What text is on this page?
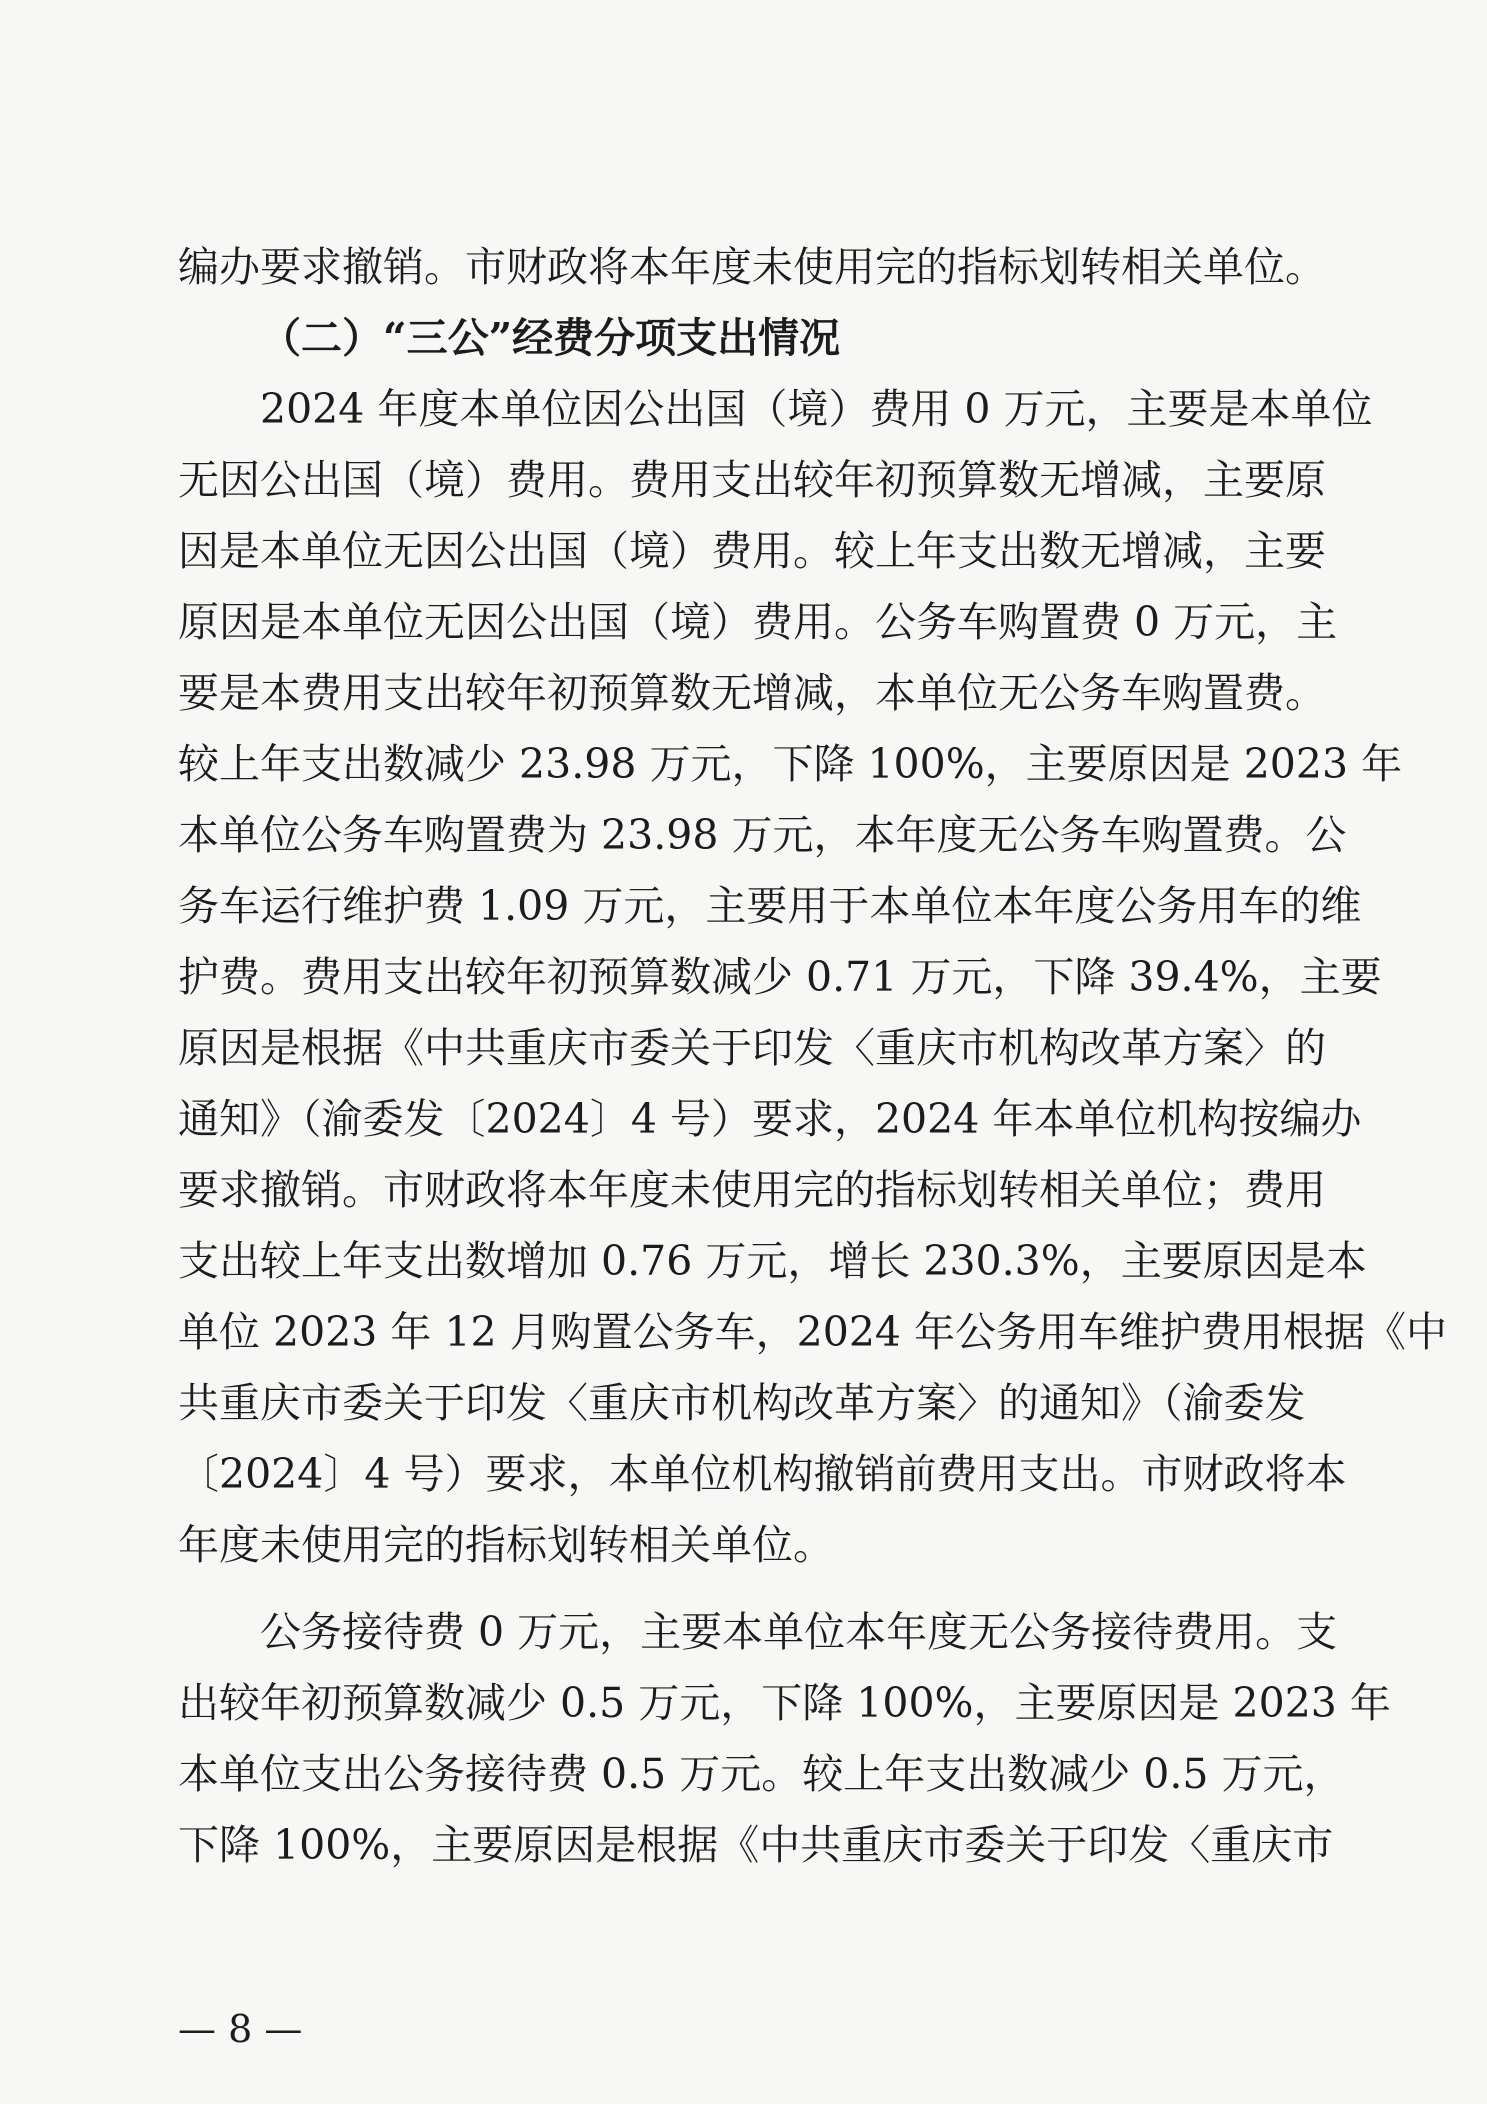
编办要求撤销。市财政将本年度未使用完的指标划转相关单位。
（二）“三公”经费分项支出情况
2024 年度本单位因公出国（境）费用 0 万元，主要是本单位
无因公出国（境）费用。费用支出较年初预算数无增减，主要原
因是本单位无因公出国（境）费用。较上年支出数无增减，主要
原因是本单位无因公出国（境）费用。公务车购置费 0 万元，主
要是本费用支出较年初预算数无增减，本单位无公务车购置费。
较上年支出数减少 23.98 万元，下降 100%，主要原因是 2023 年
本单位公务车购置费为 23.98 万元，本年度无公务车购置费。公
务车运行维护费 1.09 万元，主要用于本单位本年度公务用车的维
护费。费用支出较年初预算数减少 0.71 万元，下降 39.4%，主要
原因是根据《中共重庆市委关于印发〈重庆市机构改革方案〉的
通知》（渝委发〔2024〕4 号）要求，2024 年本单位机构按编办
要求撤销。市财政将本年度未使用完的指标划转相关单位；费用
支出较上年支出数增加 0.76 万元，增长 230.3%，主要原因是本
单位 2023 年 12 月购置公务车，2024 年公务用车维护费用根据《中
共重庆市委关于印发〈重庆市机构改革方案〉的通知》（渝委发
〔2024〕4 号）要求，本单位机构撤销前费用支出。市财政将本
年度未使用完的指标划转相关单位。
公务接待费 0 万元，主要本单位本年度无公务接待费用。支
出较年初预算数减少 0.5 万元，下降 100%，主要原因是 2023 年
本单位支出公务接待费 0.5 万元。较上年支出数减少 0.5 万元，
下降 100%，主要原因是根据《中共重庆市委关于印发〈重庆市
— 8 —
